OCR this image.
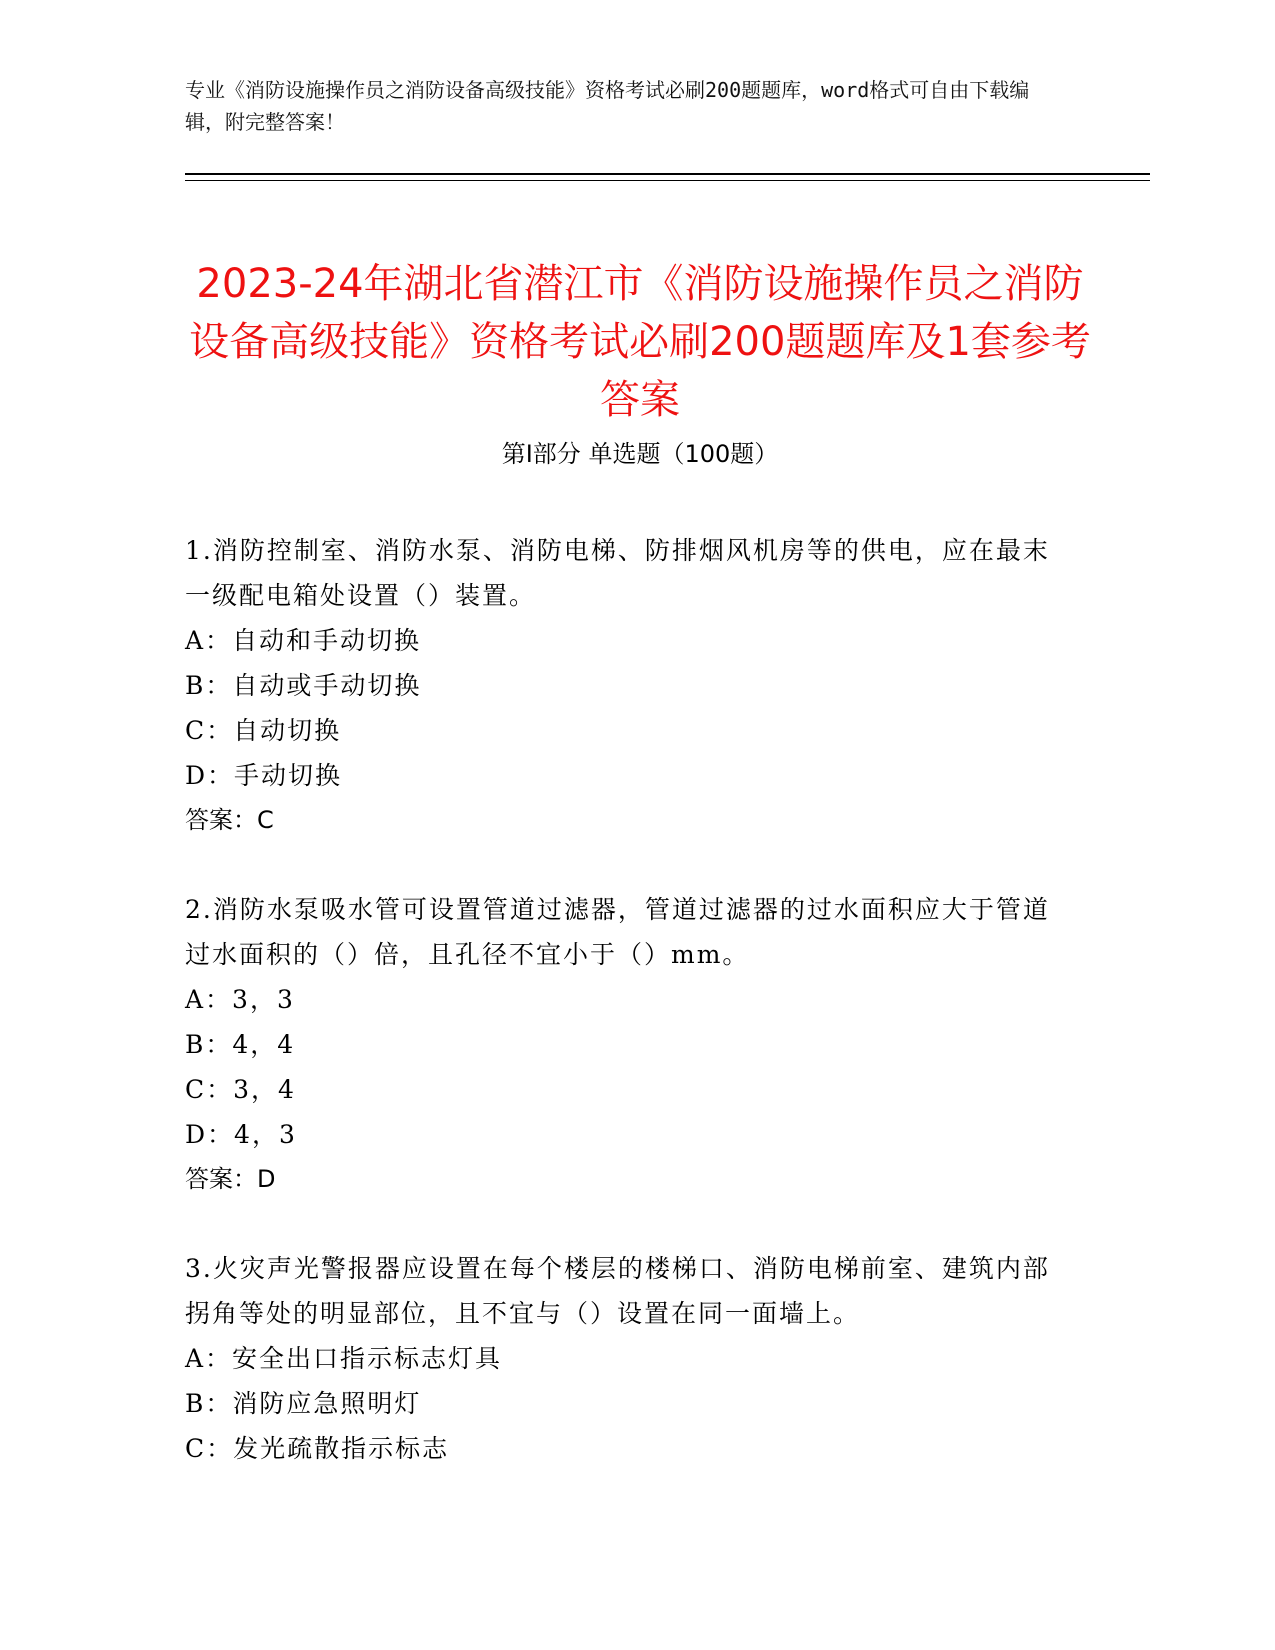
专业《消防设施操作员之消防设备高级技能》资格考试必刷200题题库，word格式可自由下载编辑，附完整答案！
2023-24年湖北省潜江市《消防设施操作员之消防设备高级技能》资格考试必刷200题题库及1套参考答案
第Ⅰ部分 单选题（100题）
1.消防控制室、消防水泵、消防电梯、防排烟风机房等的供电，应在最末一级配电箱处设置（）装置。
A：自动和手动切换
B：自动或手动切换
C：自动切换
D：手动切换
答案：C
2.消防水泵吸水管可设置管道过滤器，管道过滤器的过水面积应大于管道过水面积的（）倍，且孔径不宜小于（）mm。
A：3，3
B：4，4
C：3，4
D：4，3
答案：D
3.火灾声光警报器应设置在每个楼层的楼梯口、消防电梯前室、建筑内部拐角等处的明显部位，且不宜与（）设置在同一面墙上。
A：安全出口指示标志灯具
B：消防应急照明灯
C：发光疏散指示标志
